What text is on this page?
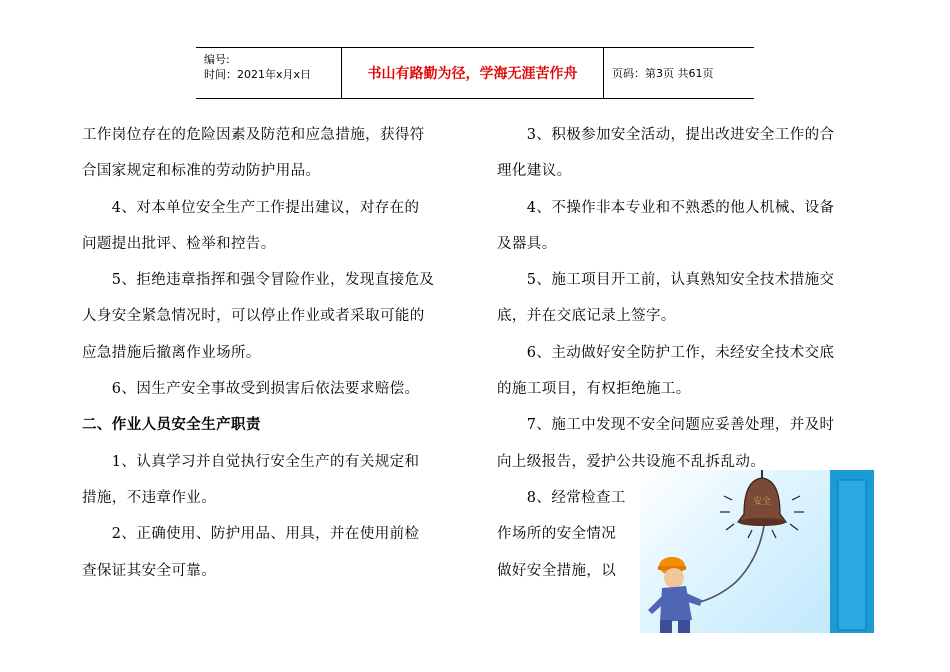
编号:
时间：2021年x月x日	书山有路勤为径，学海无涯苦作舟	页码：第3页 共61页

工作岗位存在的危险因素及防范和应急措施，获得符

合国家规定和标准的劳动防护用品。

　　4、对本单位安全生产工作提出建议，对存在的

问题提出批评、检举和控告。

　　5、拒绝违章指挥和强令冒险作业，发现直接危及

人身安全紧急情况时，可以停止作业或者采取可能的

应急措施后撤离作业场所。

　　6、因生产安全事故受到损害后依法要求赔偿。

二、作业人员安全生产职责

　　1、认真学习并自觉执行安全生产的有关规定和

措施，不违章作业。

　　2、正确使用、防护用品、用具，并在使用前检

查保证其安全可靠。

　　3、积极参加安全活动，提出改进安全工作的合

理化建议。

　　4、不操作非本专业和不熟悉的他人机械、设备

及器具。

　　5、施工项目开工前，认真熟知安全技术措施交

底，并在交底记录上签字。

　　6、主动做好安全防护工作，未经安全技术交底

的施工项目，有权拒绝施工。

　　7、施工中发现不安全问题应妥善处理，并及时

向上级报告，爱护公共设施不乱拆乱动。

　　8、经常检查工

作场所的安全情况

做好安全措施，以

安全
